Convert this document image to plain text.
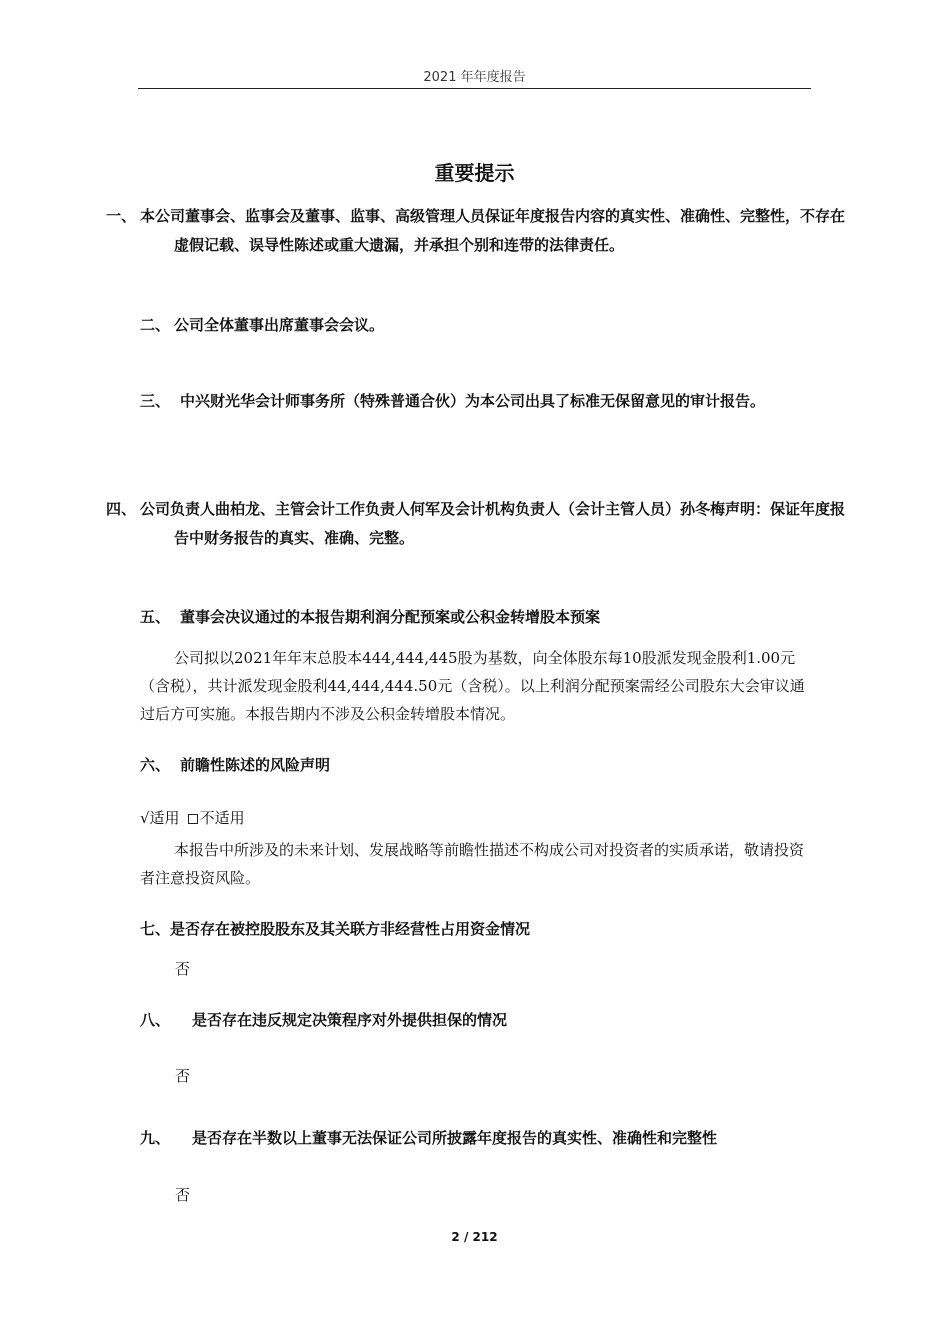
2021 年年度报告
重要提示

一、 本公司董事会、监事会及董事、监事、高级管理人员保证年度报告内容的真实性、准确性、完整性，不存在虚假记载、误导性陈述或重大遗漏，并承担个别和连带的法律责任。

二、 公司全体董事出席董事会会议。

三、 中兴财光华会计师事务所（特殊普通合伙）为本公司出具了标准无保留意见的审计报告。

四、 公司负责人曲柏龙、主管会计工作负责人何军及会计机构负责人（会计主管人员）孙冬梅声明：保证年度报告中财务报告的真实、准确、完整。

五、 董事会决议通过的本报告期利润分配预案或公积金转增股本预案

公司拟以2021年年末总股本444,444,445股为基数，向全体股东每10股派发现金股利1.00元（含税），共计派发现金股利44,444,444.50元（含税）。以上利润分配预案需经公司股东大会审议通过后方可实施。本报告期内不涉及公积金转增股本情况。

六、 前瞻性陈述的风险声明

√适用 不适用

本报告中所涉及的未来计划、发展战略等前瞻性描述不构成公司对投资者的实质承诺，敬请投资者注意投资风险。

七、是否存在被控股股东及其关联方非经营性占用资金情况

否

八、 是否存在违反规定决策程序对外提供担保的情况

否

九、 是否存在半数以上董事无法保证公司所披露年度报告的真实性、准确性和完整性

否

2 / 212
